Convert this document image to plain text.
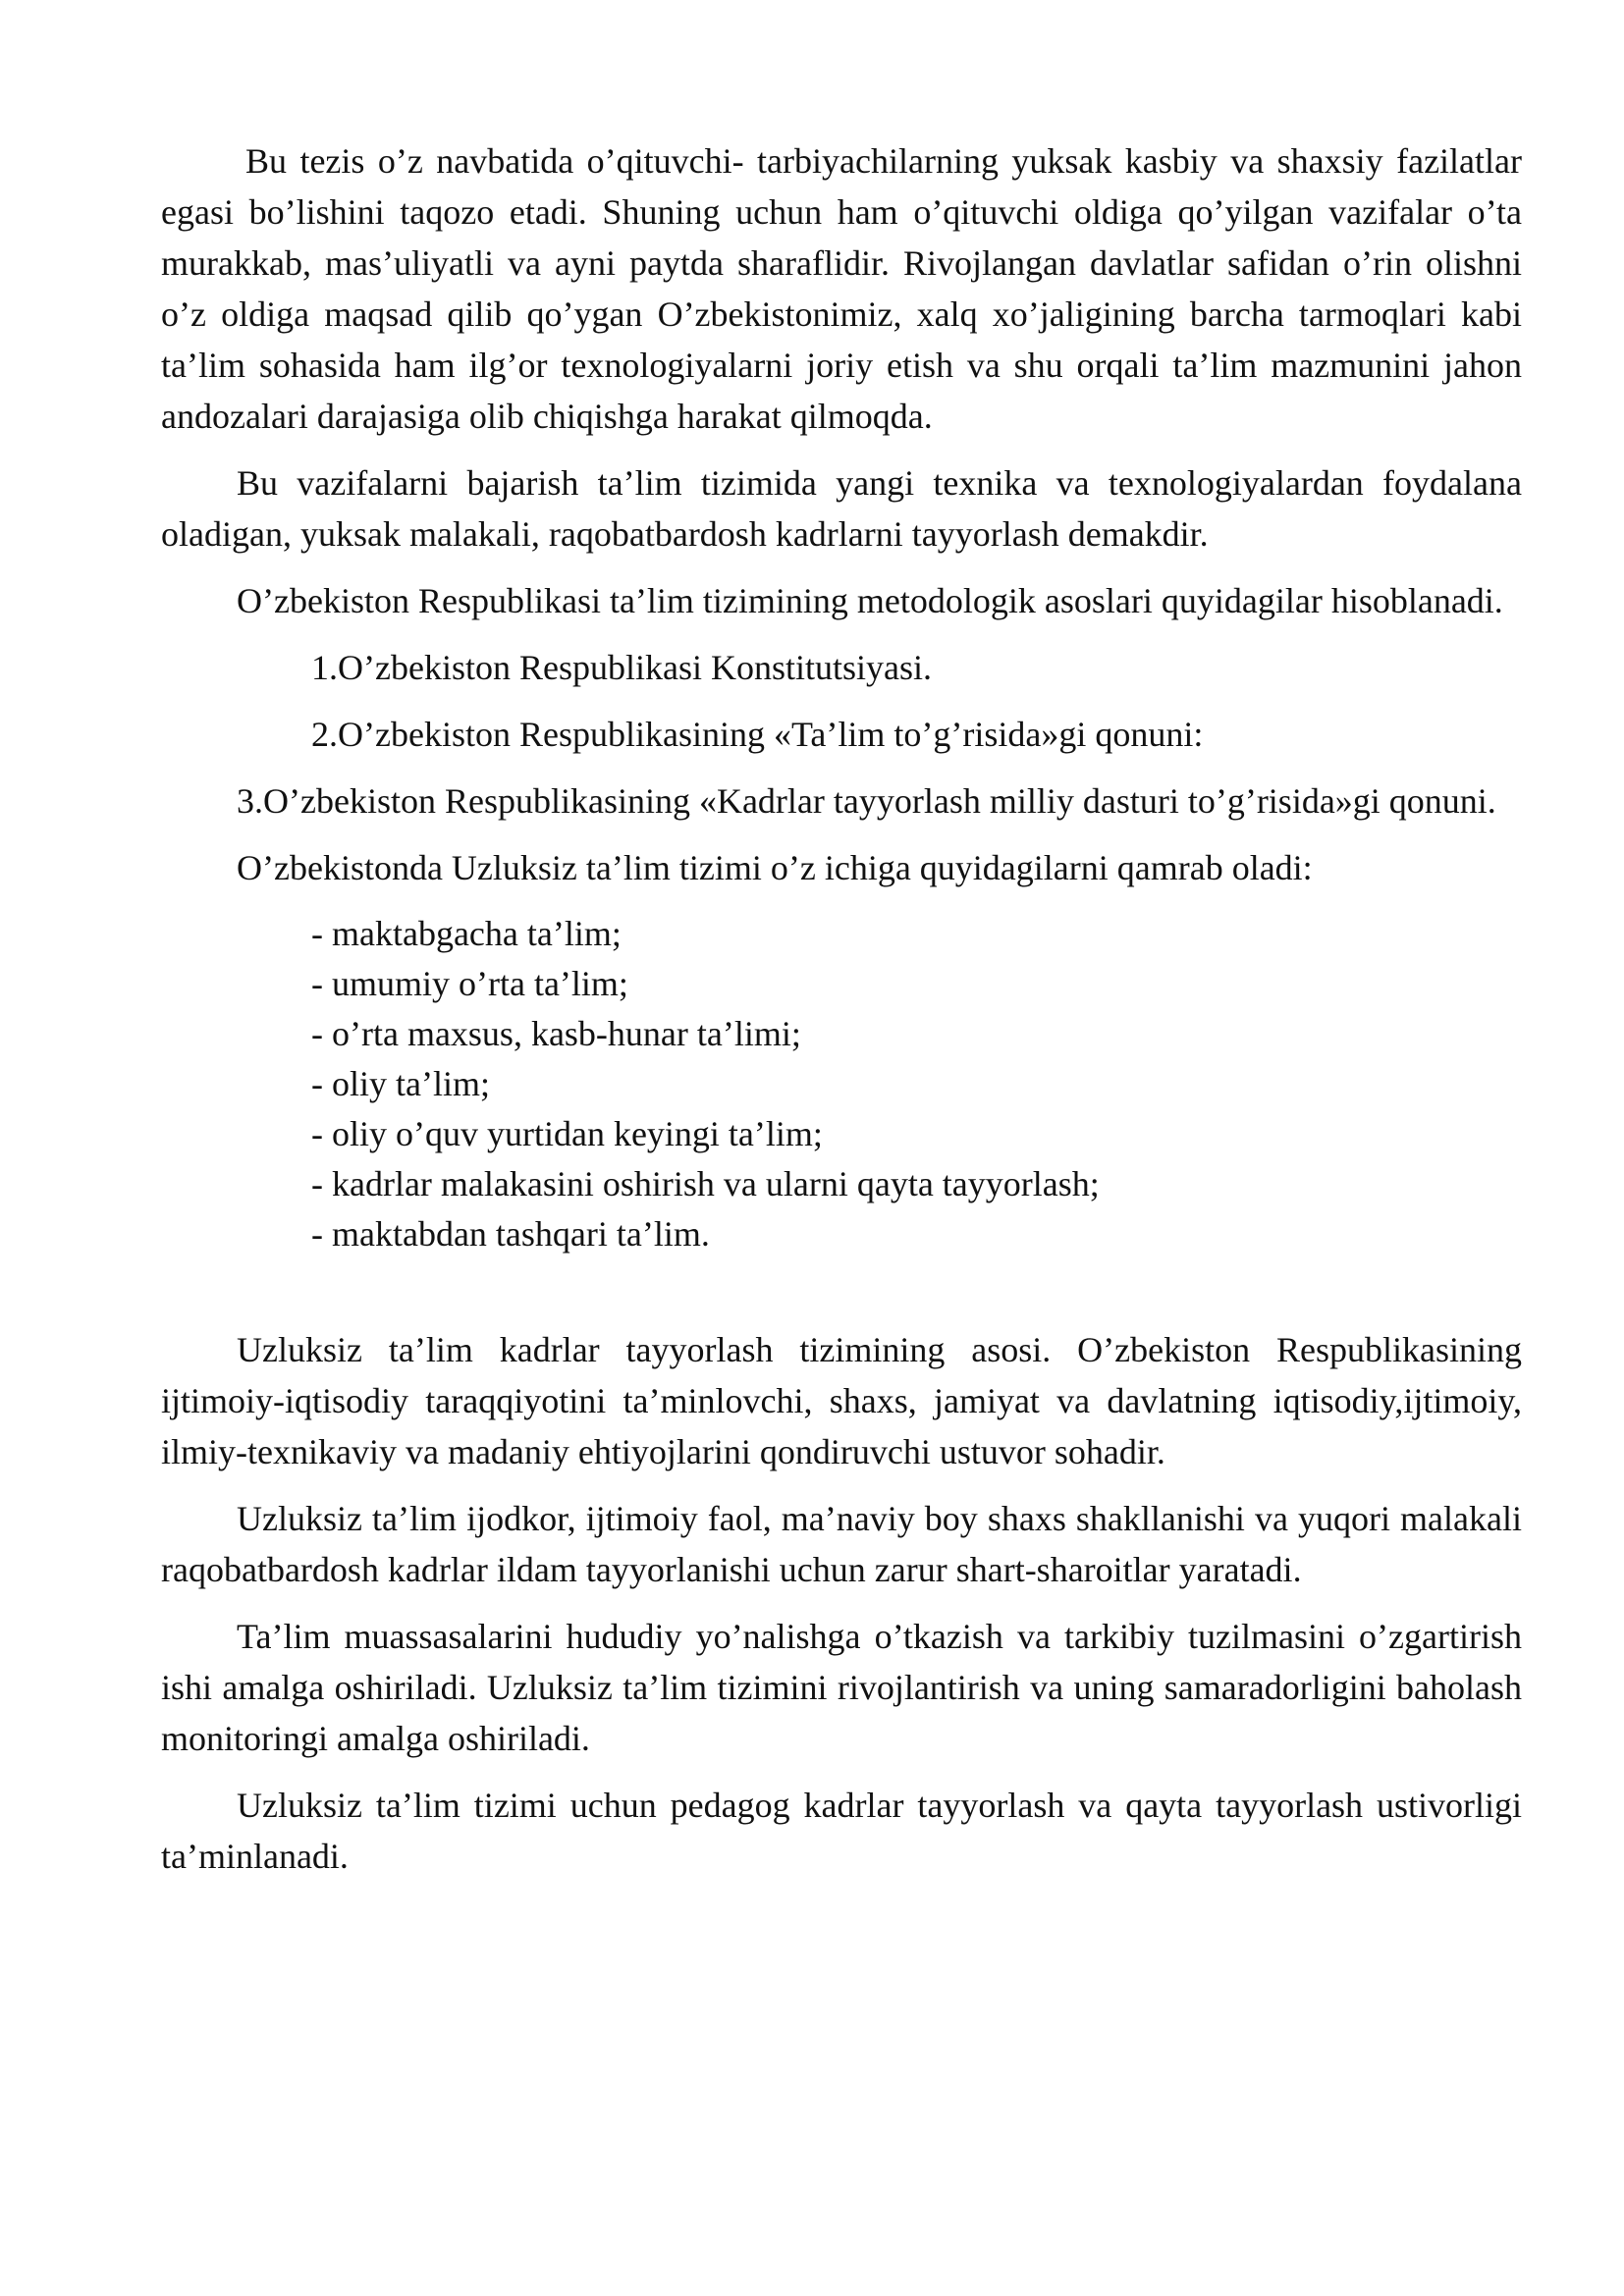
Bu tezis o’z navbatida o’qituvchi- tarbiyachilarning yuksak kasbiy va shaxsiy fazilatlar egasi bo’lishini taqozo etadi. Shuning uchun ham o’qituvchi oldiga qo’yilgan vazifalar o’ta murakkab, mas’uliyatli va ayni paytda sharaflidir. Rivojlangan davlatlar safidan o’rin olishni o’z oldiga maqsad qilib qo’ygan O’zbekistonimiz, xalq xo’jaligining barcha tarmoqlari kabi ta’lim sohasida ham ilg’or texnologiyalarni joriy etish va shu orqali ta’lim mazmunini jahon andozalari darajasiga olib chiqishga harakat qilmoqda.

Bu vazifalarni bajarish ta’lim tizimida yangi texnika va texnologiyalardan foydalana oladigan, yuksak malakali, raqobatbardosh kadrlarni tayyorlash demakdir.

O’zbekiston Respublikasi ta’lim tizimining metodologik asoslari quyidagilar hisoblanadi.

1.O’zbekiston Respublikasi Konstitutsiyasi.

2.O’zbekiston Respublikasining «Ta’lim to’g’risida»gi qonuni:

3.O’zbekiston Respublikasining «Kadrlar tayyorlash milliy dasturi to’g’risida»gi qonuni.

O’zbekistonda Uzluksiz ta’lim tizimi o’z ichiga quyidagilarni qamrab oladi:

- maktabgacha ta’lim;
- umumiy o’rta ta’lim;
- o’rta maxsus, kasb-hunar ta’limi;
- oliy ta’lim;
- oliy o’quv yurtidan keyingi ta’lim;
- kadrlar malakasini oshirish va ularni qayta tayyorlash;
- maktabdan tashqari ta’lim.

Uzluksiz ta’lim kadrlar tayyorlash tizimining asosi. O’zbekiston Respublikasining ijtimoiy-iqtisodiy taraqqiyotini ta’minlovchi, shaxs, jamiyat va davlatning iqtisodiy,ijtimoiy, ilmiy-texnikaviy va madaniy ehtiyojlarini qondiruvchi ustuvor sohadir.

Uzluksiz ta’lim ijodkor, ijtimoiy faol, ma’naviy boy shaxs shakllanishi va yuqori malakali raqobatbardosh kadrlar ildam tayyorlanishi uchun zarur shart-sharoitlar yaratadi.

Ta’lim muassasalarini hududiy yo’nalishga o’tkazish va tarkibiy tuzilmasini o’zgartirish ishi amalga oshiriladi. Uzluksiz ta’lim tizimini rivojlantirish va uning samaradorligini baholash monitoringi amalga oshiriladi.

Uzluksiz ta’lim tizimi uchun pedagog kadrlar tayyorlash va qayta tayyorlash ustivorligi ta’minlanadi.
